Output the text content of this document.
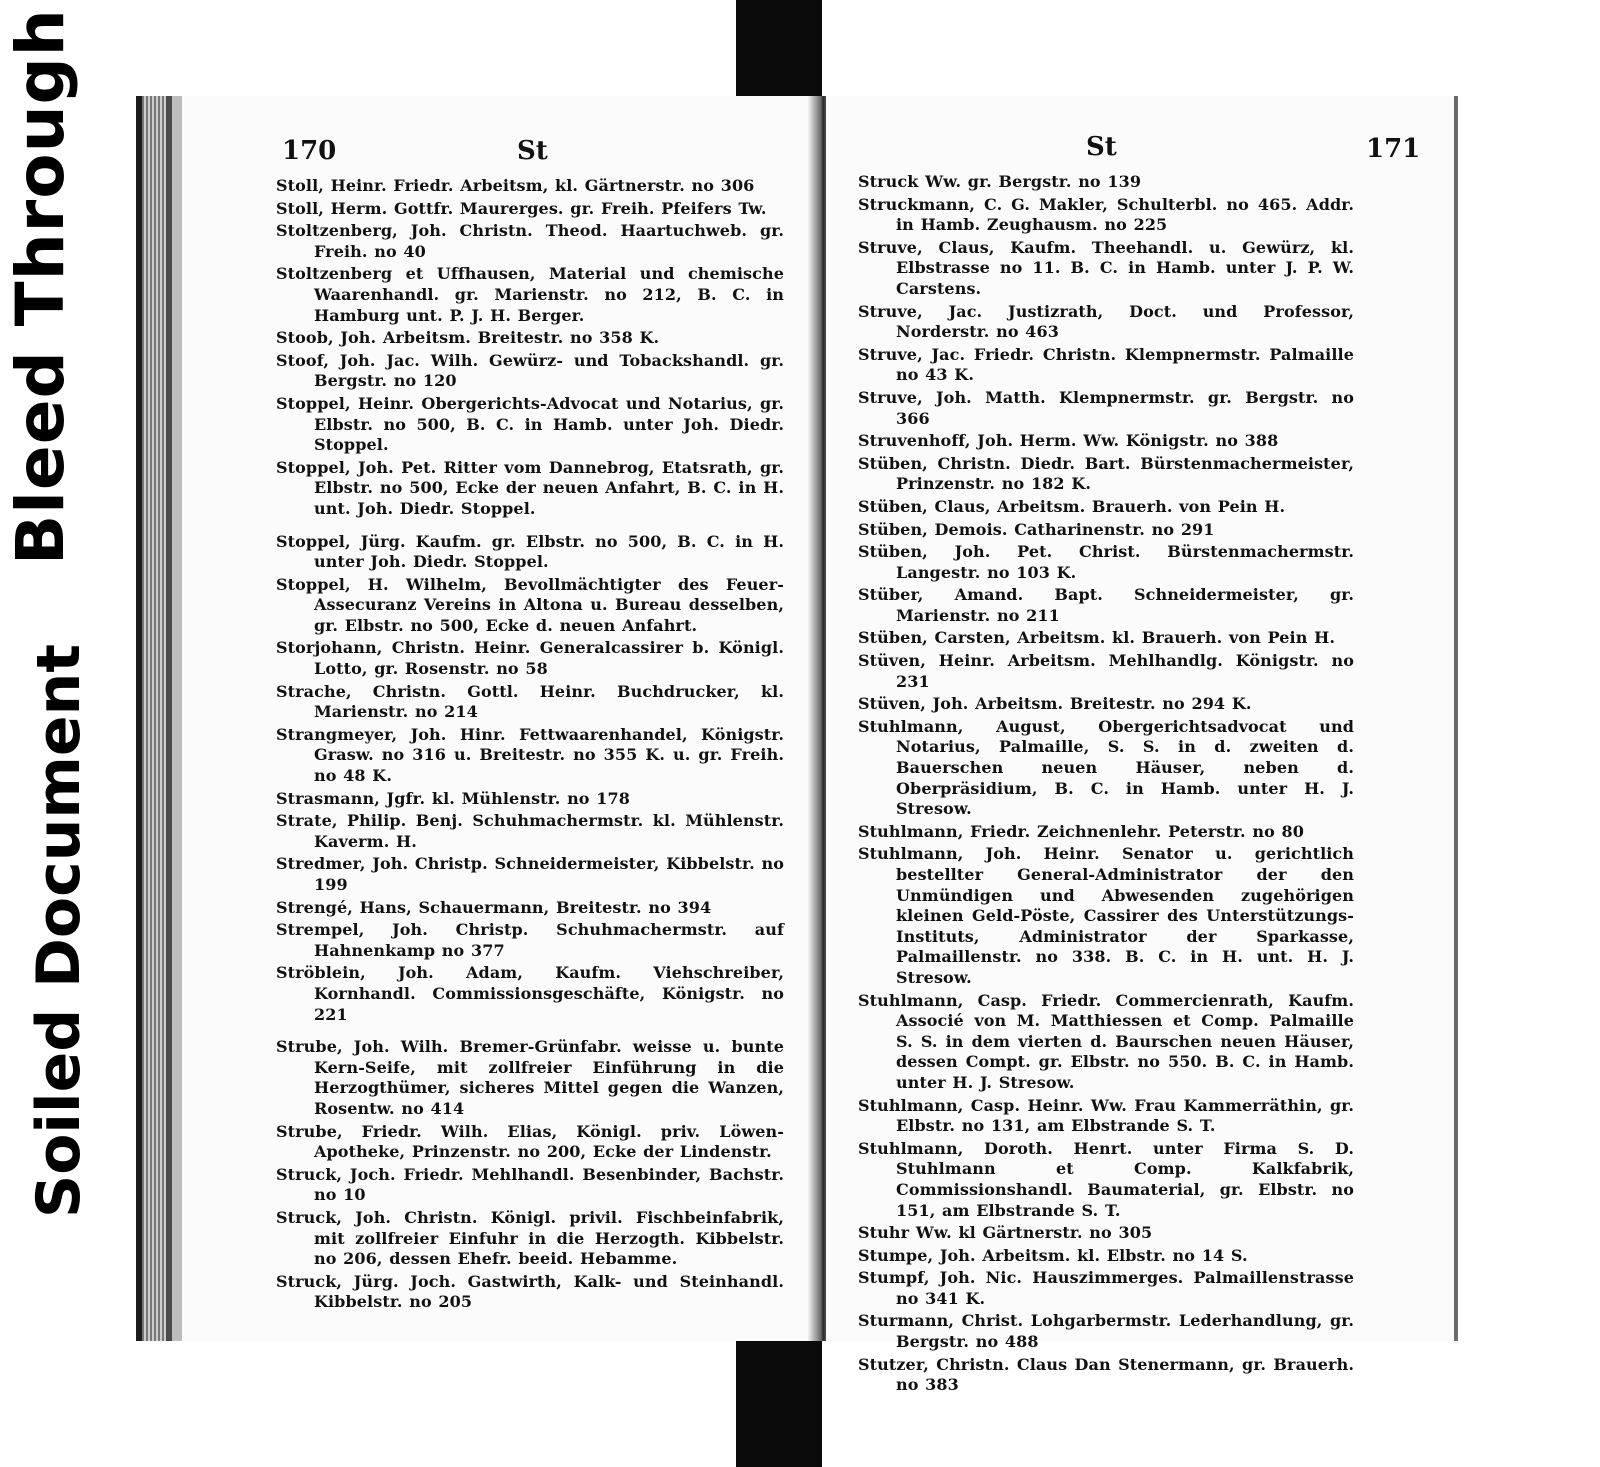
Bleed Through
Soiled Document
170	St
Stoll, Heinr. Friedr. Arbeitsm, kl. Gärtnerstr. no 306
Stoll, Herm. Gottfr. Maurerges. gr. Freih. Pfeifers Tw.
Stoltzenberg, Joh. Christn. Theod. Haartuchweb. gr. Freih. no 40
Stoltzenberg et Uffhausen, Material und chemische Waarenhandl. gr. Marienstr. no 212, B. C. in Hamburg unt. P. J. H. Berger.
Stoob, Joh. Arbeitsm. Breitestr. no 358 K.
Stoof, Joh. Jac. Wilh. Gewürz- und Tobackshandl. gr. Bergstr. no 120
Stoppel, Heinr. Obergerichts-Advocat und Notarius, gr. Elbstr. no 500, B. C. in Hamb. unter Joh. Diedr. Stoppel.
Stoppel, Joh. Pet. Ritter vom Dannebrog, Etatsrath, gr. Elbstr. no 500, Ecke der neuen Anfahrt, B. C. in H. unt. Joh. Diedr. Stoppel.
Stoppel, Jürg. Kaufm. gr. Elbstr. no 500, B. C. in H. unter Joh. Diedr. Stoppel.
Stoppel, H. Wilhelm, Bevollmächtigter des Feuer-Assecuranz Vereins in Altona u. Bureau desselben, gr. Elbstr. no 500, Ecke d. neuen Anfahrt.
Storjohann, Christn. Heinr. Generalcassirer b. Königl. Lotto, gr. Rosenstr. no 58
Strache, Christn. Gottl. Heinr. Buchdrucker, kl. Marienstr. no 214
Strangmeyer, Joh. Hinr. Fettwaarenhandel, Königstr. Grasw. no 316 u. Breitestr. no 355 K. u. gr. Freih. no 48 K.
Strasmann, Jgfr. kl. Mühlenstr. no 178
Strate, Philip. Benj. Schuhmachermstr. kl. Mühlenstr. Kaverm. H.
Stredmer, Joh. Christp. Schneidermeister, Kibbelstr. no 199
Strengé, Hans, Schauermann, Breitestr. no 394
Strempel, Joh. Christp. Schuhmachermstr. auf Hahnenkamp no 377
Ströblein, Joh. Adam, Kaufm. Viehschreiber, Kornhandl. Commissionsgeschäfte, Königstr. no 221
Strube, Joh. Wilh. Bremer-Grünfabr. weisse u. bunte Kern-Seife, mit zollfreier Einführung in die Herzogthümer, sicheres Mittel gegen die Wanzen, Rosentw. no 414
Strube, Friedr. Wilh. Elias, Königl. priv. Löwen-Apotheke, Prinzenstr. no 200, Ecke der Lindenstr.
Struck, Joch. Friedr. Mehlhandl. Besenbinder, Bachstr. no 10
Struck, Joh. Christn. Königl. privil. Fischbeinfabrik, mit zollfreier Einfuhr in die Herzogth. Kibbelstr. no 206, dessen Ehefr. beeid. Hebamme.
Struck, Jürg. Joch. Gastwirth, Kalk- und Steinhandl. Kibbelstr. no 205
St	171
Struck Ww. gr. Bergstr. no 139
Struckmann, C. G. Makler, Schulterbl. no 465. Addr. in Hamb. Zeughausm. no 225
Struve, Claus, Kaufm. Theehandl. u. Gewürz, kl. Elbstrasse no 11. B. C. in Hamb. unter J. P. W. Carstens.
Struve, Jac. Justizrath, Doct. und Professor, Norderstr. no 463
Struve, Jac. Friedr. Christn. Klempnermstr. Palmaille no 43 K.
Struve, Joh. Matth. Klempnermstr. gr. Bergstr. no 366
Struvenhoff, Joh. Herm. Ww. Königstr. no 388
Stüben, Christn. Diedr. Bart. Bürstenmachermeister, Prinzenstr. no 182 K.
Stüben, Claus, Arbeitsm. Brauerh. von Pein H.
Stüben, Demois. Catharinenstr. no 291
Stüben, Joh. Pet. Christ. Bürstenmachermstr. Langestr. no 103 K.
Stüber, Amand. Bapt. Schneidermeister, gr. Marienstr. no 211
Stüben, Carsten, Arbeitsm. kl. Brauerh. von Pein H.
Stüven, Heinr. Arbeitsm. Mehlhandlg. Königstr. no 231
Stüven, Joh. Arbeitsm. Breitestr. no 294 K.
Stuhlmann, August, Obergerichtsadvocat und Notarius, Palmaille, S. S. in d. zweiten d. Bauerschen neuen Häuser, neben d. Oberpräsidium, B. C. in Hamb. unter H. J. Stresow.
Stuhlmann, Friedr. Zeichnenlehr. Peterstr. no 80
Stuhlmann, Joh. Heinr. Senator u. gerichtlich bestellter General-Administrator der den Unmündigen und Abwesenden zugehörigen kleinen Geld-Pöste, Cassirer des Unterstützungs-Instituts, Administrator der Sparkasse, Palmaillenstr. no 338. B. C. in H. unt. H. J. Stresow.
Stuhlmann, Casp. Friedr. Commercienrath, Kaufm. Associé von M. Matthiessen et Comp. Palmaille S. S. in dem vierten d. Baurschen neuen Häuser, dessen Compt. gr. Elbstr. no 550. B. C. in Hamb. unter H. J. Stresow.
Stuhlmann, Casp. Heinr. Ww. Frau Kammerräthin, gr. Elbstr. no 131, am Elbstrande S. T.
Stuhlmann, Doroth. Henrt. unter Firma S. D. Stuhlmann et Comp. Kalkfabrik, Commissionshandl. Baumaterial, gr. Elbstr. no 151, am Elbstrande S. T.
Stuhr Ww. kl Gärtnerstr. no 305
Stumpe, Joh. Arbeitsm. kl. Elbstr. no 14 S.
Stumpf, Joh. Nic. Hauszimmerges. Palmaillenstrasse no 341 K.
Sturmann, Christ. Lohgarbermstr. Lederhandlung, gr. Bergstr. no 488
Stutzer, Christn. Claus Dan Stenermann, gr. Brauerh. no 383
